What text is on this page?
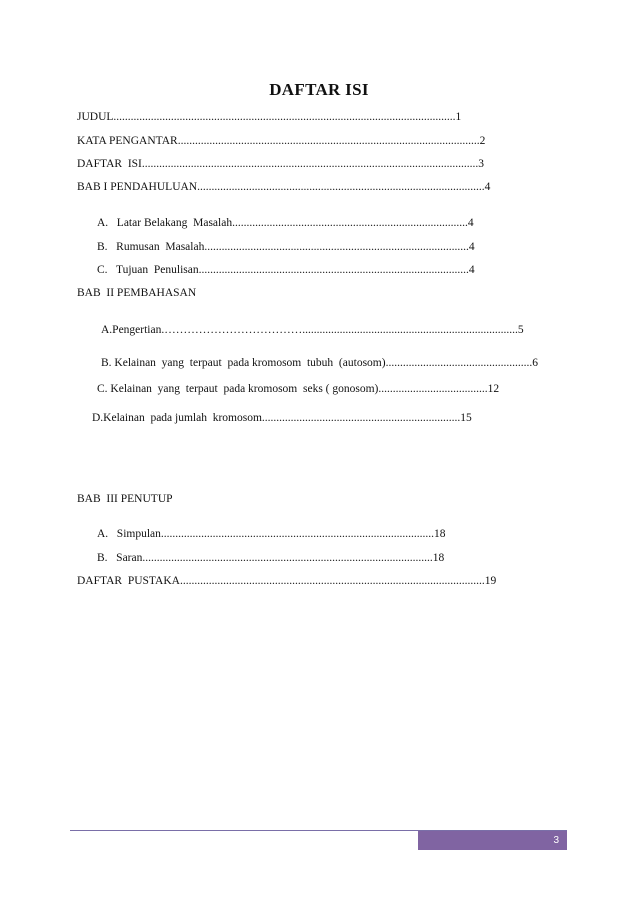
DAFTAR ISI
JUDUL.......................................................................................................................1
KATA PENGANTAR.........................................................................................................2
DAFTAR  ISI.....................................................................................................................3
BAB I PENDAHULUAN....................................................................................................4
A.   Latar Belakang  Masalah..................................................................................4
B.   Rumusan  Masalah............................................................................................4
C.   Tujuan  Penulisan..............................................................................................4
BAB  II PEMBAHASAN
A.Pengertian.………………………………...........................................................................5
B. Kelainan  yang  terpaut  pada kromosom  tubuh  (autosom)...................................................6
C. Kelainan  yang  terpaut  pada kromosom  seks ( gonosom)......................................12
D.Kelainan  pada jumlah  kromosom.....................................................................15
BAB  III PENUTUP
A.   Simpulan...............................................................................................18
B.   Saran.....................................................................................................18
DAFTAR  PUSTAKA..........................................................................................................19
3
